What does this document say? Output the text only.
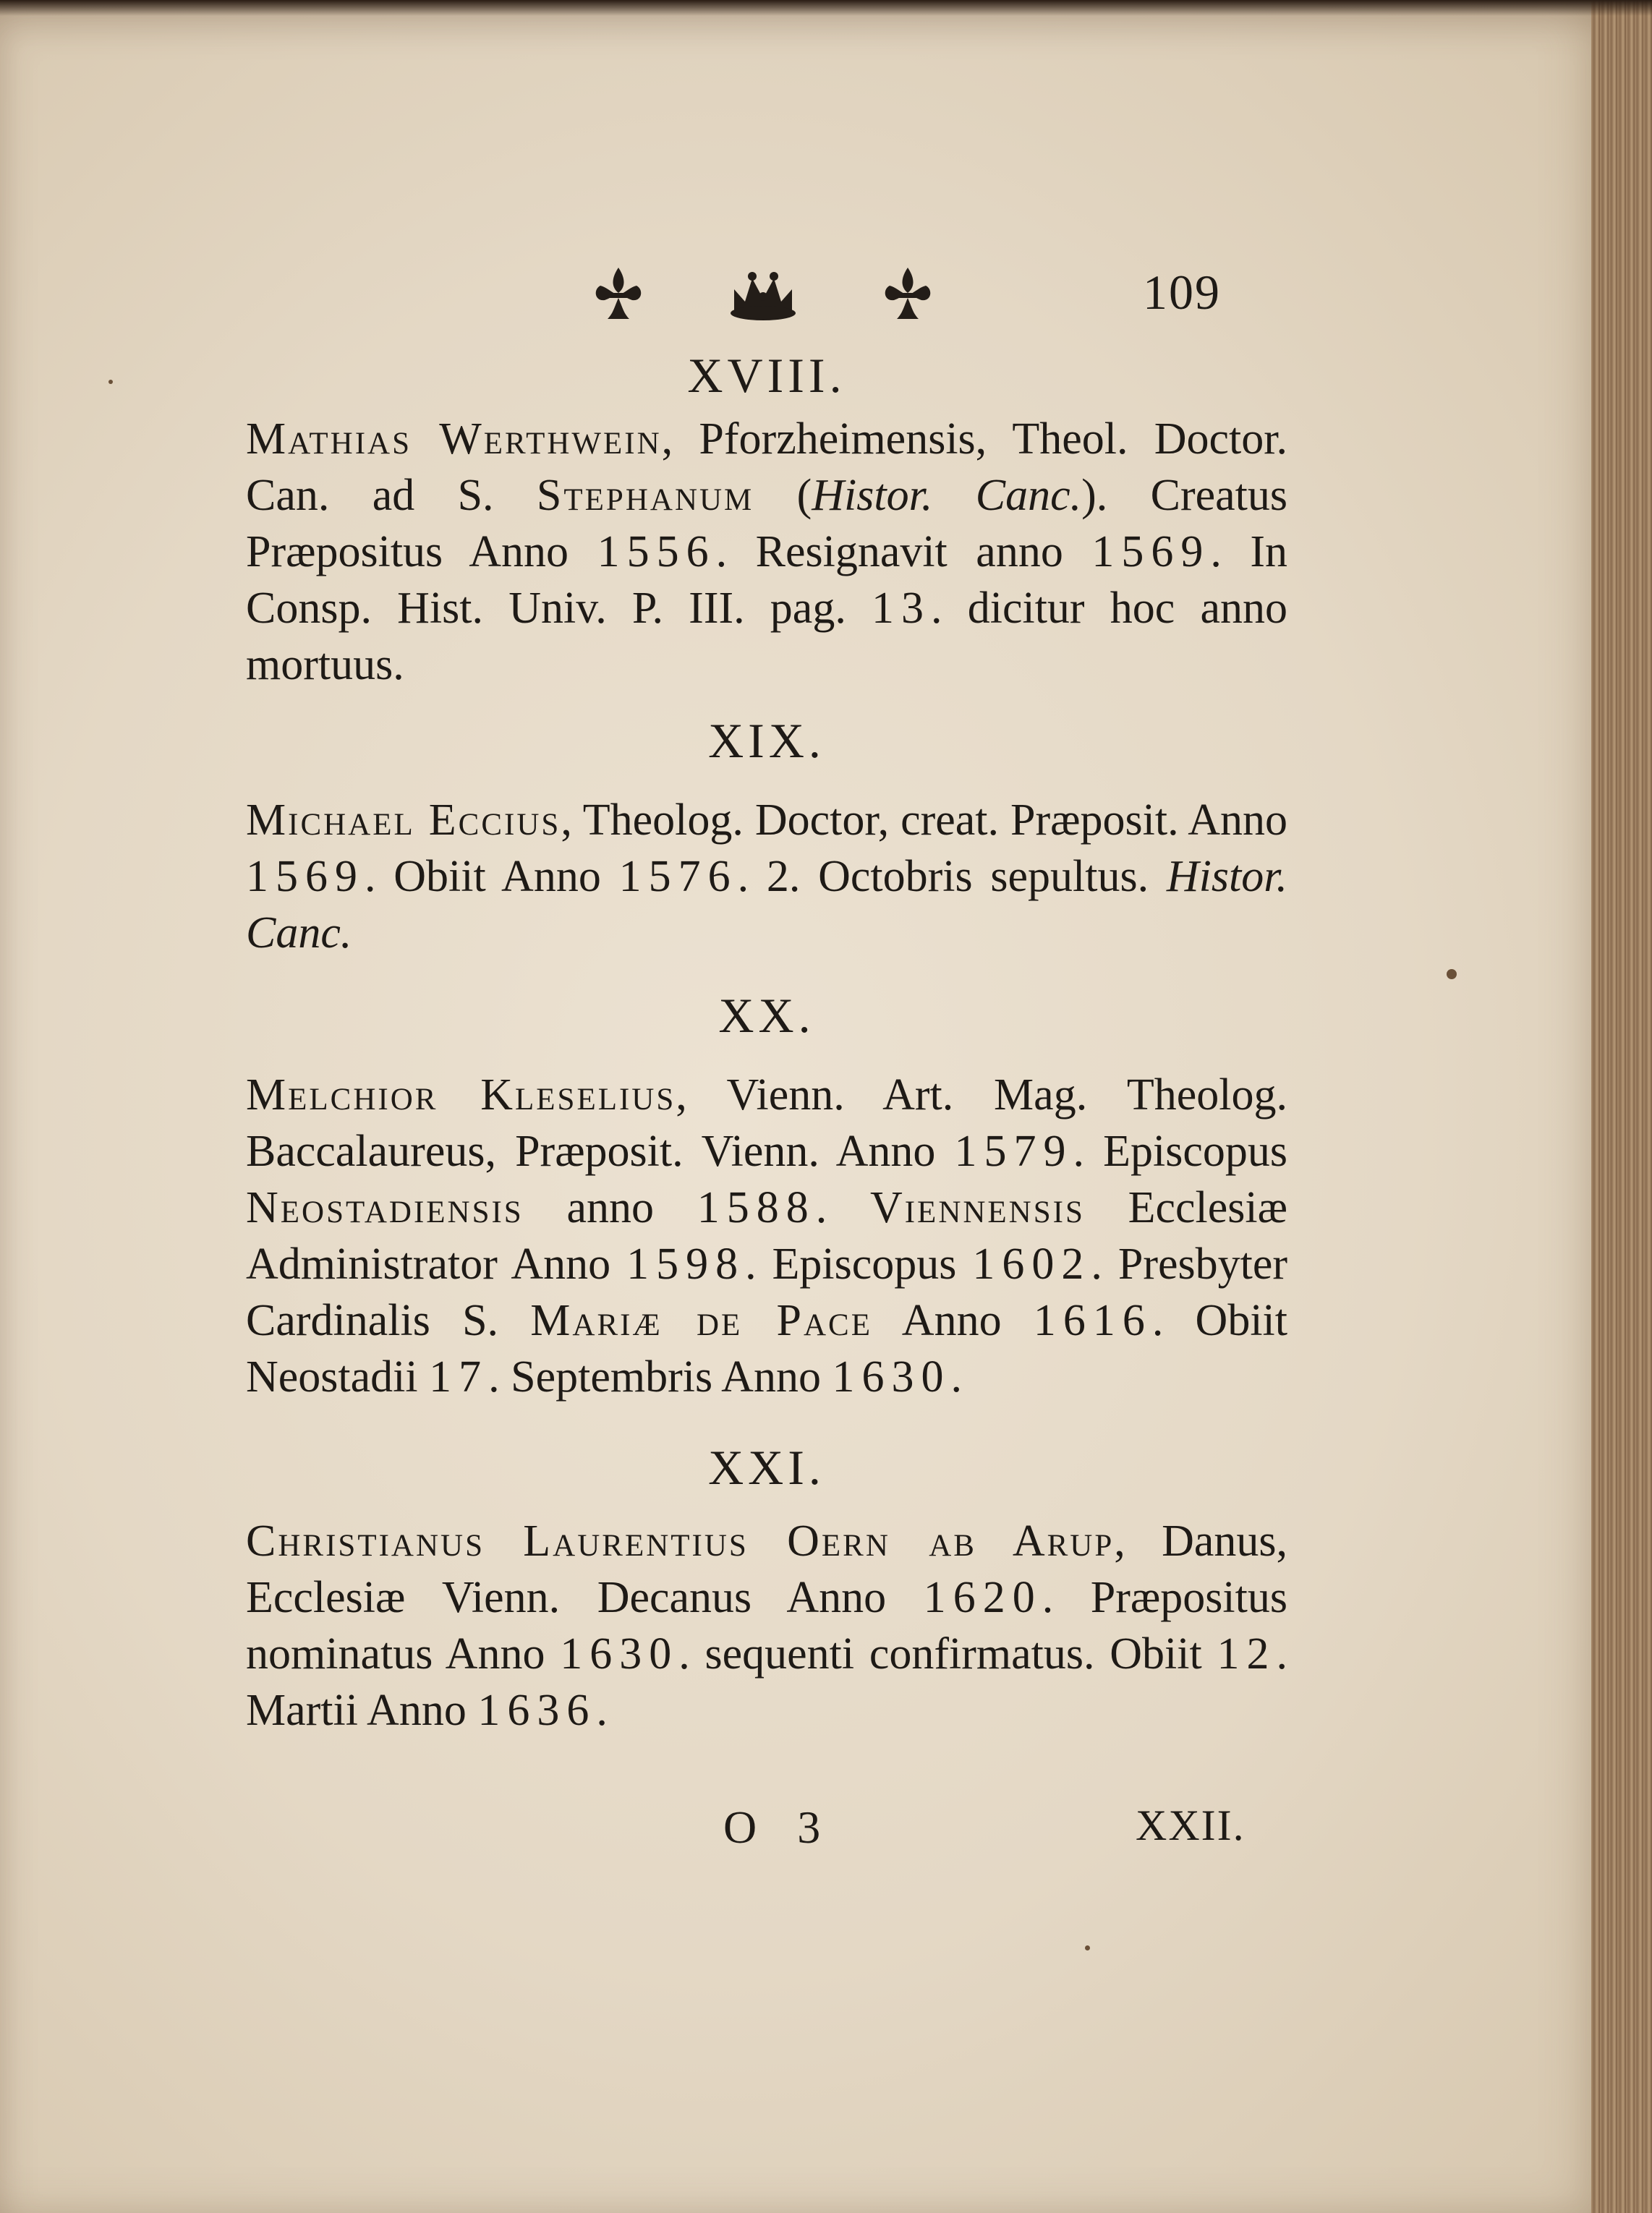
109
XVIII.
Mathias Werthwein, Pforzheimensis, Theol. Doctor. Can. ad S. Stephanum (Histor. Canc.). Creatus Præpositus Anno 1556. Resignavit anno 1569. In Consp. Hist. Univ. P. III. pag. 13. dicitur hoc anno mortuus.
XIX.
Michael Eccius, Theolog. Doctor, creat. Præposit. Anno 1569. Obiit Anno 1576. 2. Octobris sepultus. Histor. Canc.
XX.
Melchior Kleselius, Vienn. Art. Mag. Theolog. Baccalaureus, Præposit. Vienn. Anno 1579. Episcopus Neostadiensis anno 1588. Viennensis Ecclesiæ Administrator Anno 1598. Episcopus 1602. Presbyter Cardinalis S. Mariæ de Pace Anno 1616. Obiit Neostadii 17. Septembris Anno 1630.
XXI.
Christianus Laurentius Oern ab Arup, Danus, Ecclesiæ Vienn. Decanus Anno 1620. Præpositus nominatus Anno 1630. sequenti confirmatus. Obiit 12. Martii Anno 1636.
O 3	XXII.
